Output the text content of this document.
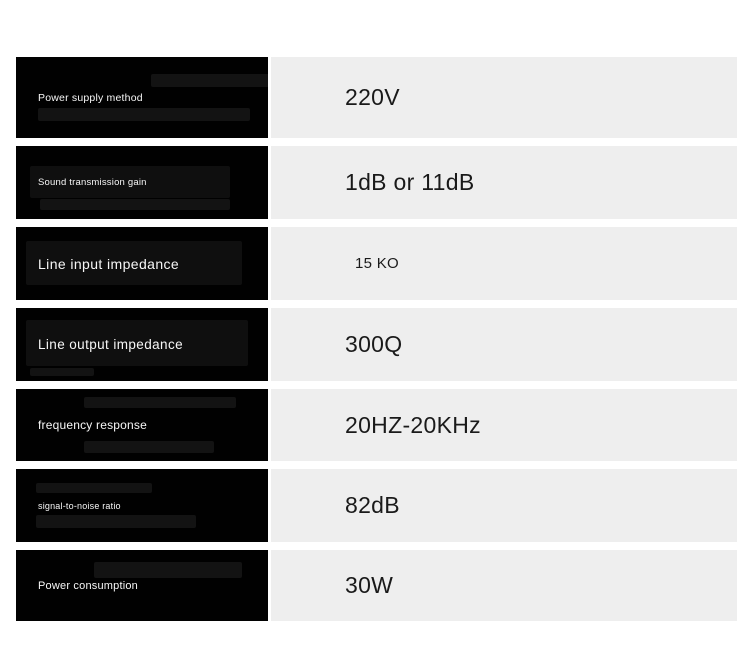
Power supply method	220V
Sound transmission gain	1dB or 11dB
Line input impedance	15 KO
Line output impedance	300Q
frequency response	20HZ-20KHz
signal-to-noise ratio	82dB
Power consumption	30W
